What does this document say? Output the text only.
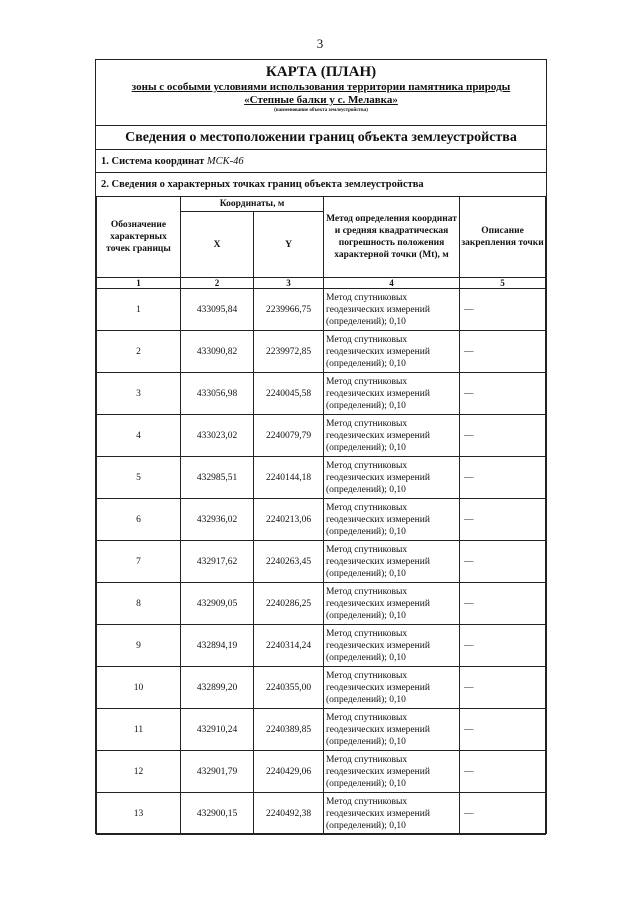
3
КАРТА (ПЛАН)
зоны с особыми условиями использования территории памятника природы
«Степные балки у с. Мелавка»
(наименование объекта землеустройства)
Сведения о местоположении границ объекта землеустройства
1. Система координат МСК-46
2. Сведения о характерных точках границ объекта землеустройства
Обозначение характерных точек границы	Координаты, м		Метод определения координат и средняя квадратическая погрешность положения характерной точки (Mt), м	Описание закрепления точки
	X	Y		
1	2	3	4	5
1	433095,84	2239966,75	Метод спутниковых геодезических измерений (определений); 0,10	—
2	433090,82	2239972,85	Метод спутниковых геодезических измерений (определений); 0,10	—
3	433056,98	2240045,58	Метод спутниковых геодезических измерений (определений); 0,10	—
4	433023,02	2240079,79	Метод спутниковых геодезических измерений (определений); 0,10	—
5	432985,51	2240144,18	Метод спутниковых геодезических измерений (определений); 0,10	—
6	432936,02	2240213,06	Метод спутниковых геодезических измерений (определений); 0,10	—
7	432917,62	2240263,45	Метод спутниковых геодезических измерений (определений); 0,10	—
8	432909,05	2240286,25	Метод спутниковых геодезических измерений (определений); 0,10	—
9	432894,19	2240314,24	Метод спутниковых геодезических измерений (определений); 0,10	—
10	432899,20	2240355,00	Метод спутниковых геодезических измерений (определений); 0,10	—
11	432910,24	2240389,85	Метод спутниковых геодезических измерений (определений); 0,10	—
12	432901,79	2240429,06	Метод спутниковых геодезических измерений (определений); 0,10	—
13	432900,15	2240492,38	Метод спутниковых геодезических измерений (определений); 0,10	—
